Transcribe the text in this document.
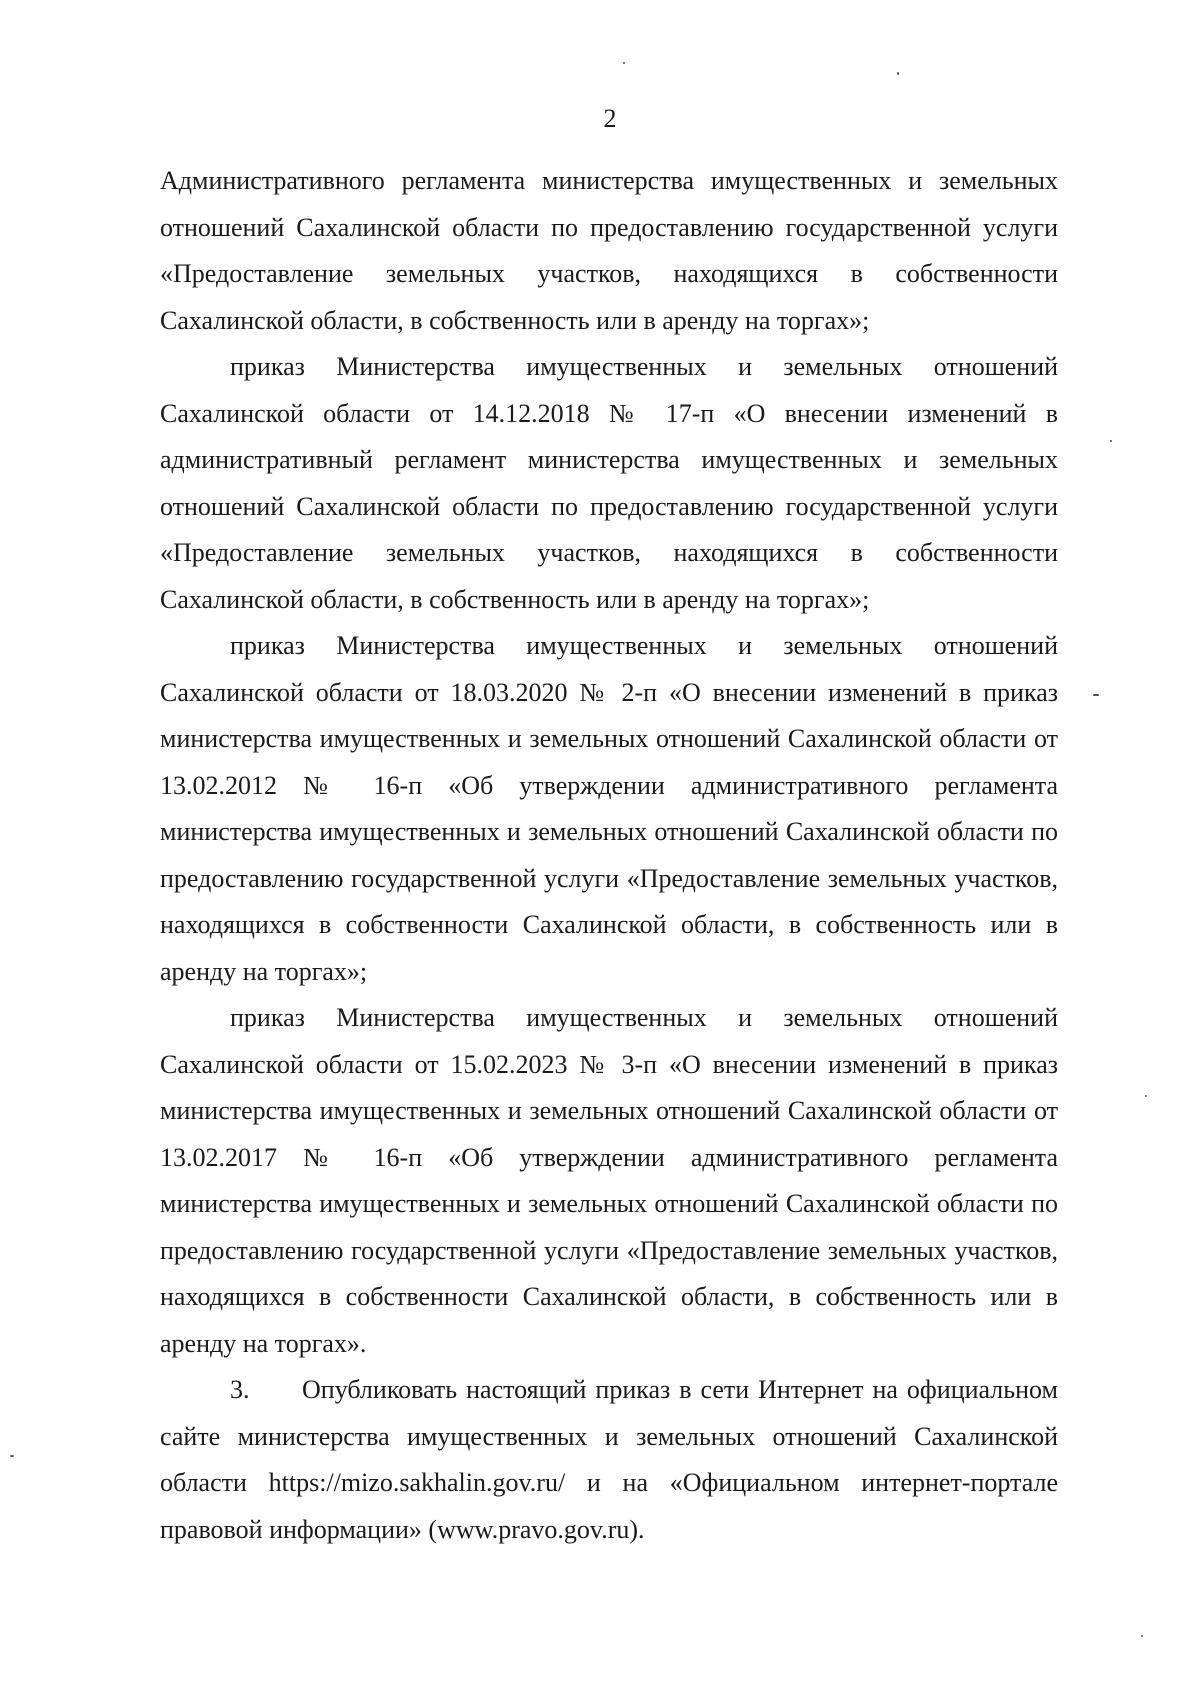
2

Административного регламента министерства имущественных и земельных отношений Сахалинской области по предоставлению государственной услуги «Предоставление земельных участков, находящихся в собственности Сахалинской области, в собственность или в аренду на торгах»;

приказ Министерства имущественных и земельных отношений Сахалинской области от 14.12.2018 № 17-п «О внесении изменений в административный регламент министерства имущественных и земельных отношений Сахалинской области по предоставлению государственной услуги «Предоставление земельных участков, находящихся в собственности Сахалинской области, в собственность или в аренду на торгах»;

приказ Министерства имущественных и земельных отношений Сахалинской области от 18.03.2020 № 2-п «О внесении изменений в приказ министерства имущественных и земельных отношений Сахалинской области от 13.02.2012 № 16-п «Об утверждении административного регламента министерства имущественных и земельных отношений Сахалинской области по предоставлению государственной услуги «Предоставление земельных участков, находящихся в собственности Сахалинской области, в собственность или в аренду на торгах»;

приказ Министерства имущественных и земельных отношений Сахалинской области от 15.02.2023 № 3-п «О внесении изменений в приказ министерства имущественных и земельных отношений Сахалинской области от 13.02.2017 № 16-п «Об утверждении административного регламента министерства имущественных и земельных отношений Сахалинской области по предоставлению государственной услуги «Предоставление земельных участков, находящихся в собственности Сахалинской области, в собственность или в аренду на торгах».

3. Опубликовать настоящий приказ в сети Интернет на официальном сайте министерства имущественных и земельных отношений Сахалинской области https://mizo.sakhalin.gov.ru/ и на «Официальном интернет-портале правовой информации» (www.pravo.gov.ru).
